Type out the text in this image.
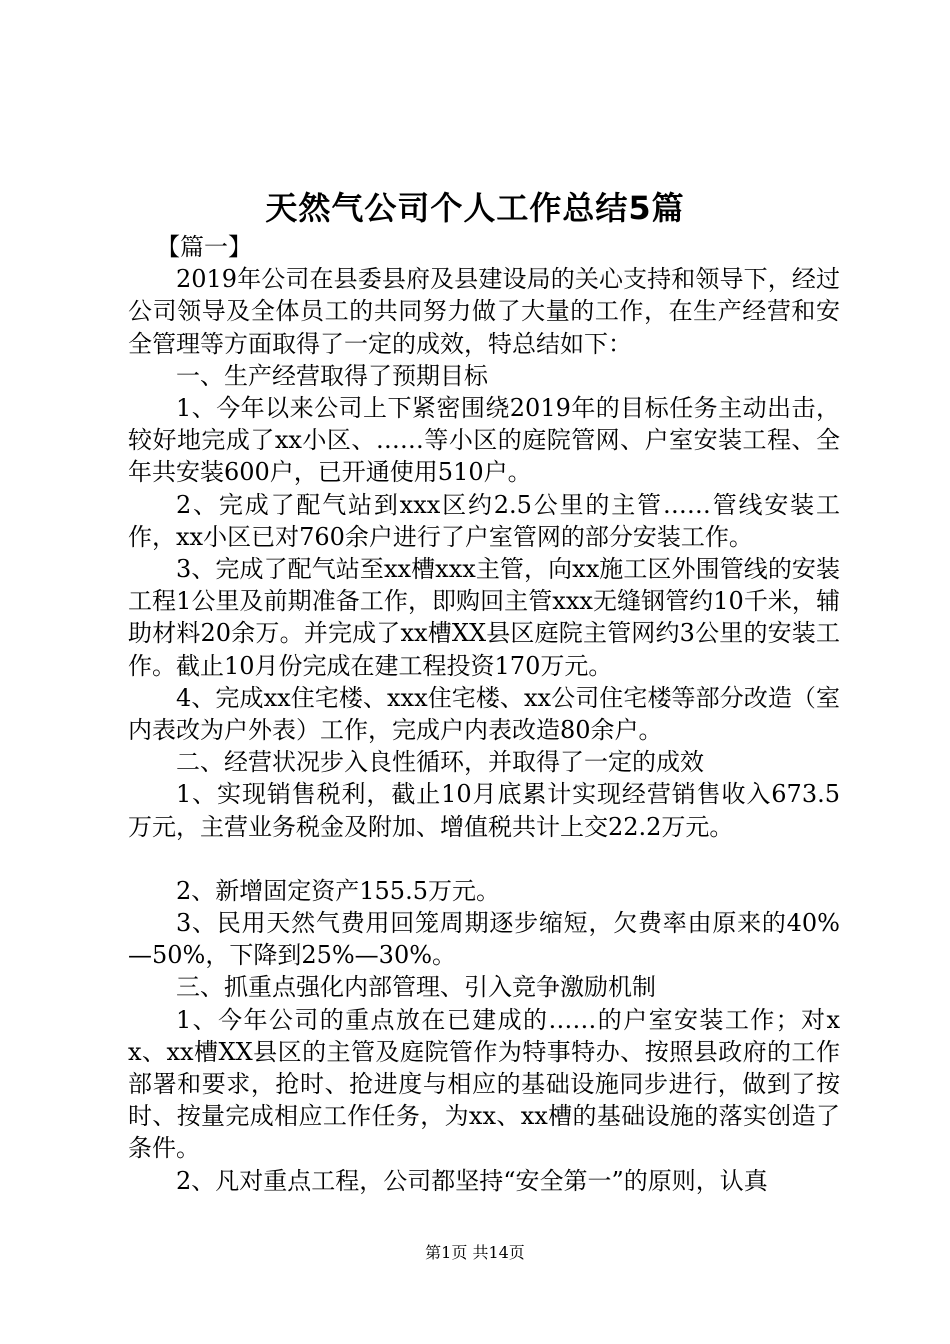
天然气公司个人工作总结5篇

【篇一】

2019年公司在县委县府及县建设局的关心支持和领导下，经过公司领导及全体员工的共同努力做了大量的工作，在生产经营和安全管理等方面取得了一定的成效，特总结如下：

一、生产经营取得了预期目标

1、今年以来公司上下紧密围绕2019年的目标任务主动出击，较好地完成了xx小区、……等小区的庭院管网、户室安装工程、全年共安装600户，已开通使用510户。

2、完成了配气站到xxx区约2.5公里的主管……管线安装工作，xx小区已对760余户进行了户室管网的部分安装工作。

3、完成了配气站至xx槽xxx主管，向xx施工区外围管线的安装工程1公里及前期准备工作，即购回主管xxx无缝钢管约10千米，辅助材料20余万。并完成了xx槽XX县区庭院主管网约3公里的安装工作。截止10月份完成在建工程投资170万元。

4、完成xx住宅楼、xxx住宅楼、xx公司住宅楼等部分改造（室内表改为户外表）工作，完成户内表改造80余户。

二、经营状况步入良性循环，并取得了一定的成效

1、实现销售税利，截止10月底累计实现经营销售收入673.5万元，主营业务税金及附加、增值税共计上交22.2万元。

2、新增固定资产155.5万元。

3、民用天然气费用回笼周期逐步缩短，欠费率由原来的40%—50%，下降到25%—30%。

三、抓重点强化内部管理、引入竞争激励机制

1、今年公司的重点放在已建成的……的户室安装工作；对xx、xx槽XX县区的主管及庭院管作为特事特办、按照县政府的工作部署和要求，抢时、抢进度与相应的基础设施同步进行，做到了按时、按量完成相应工作任务，为xx、xx槽的基础设施的落实创造了条件。

2、凡对重点工程，公司都坚持“安全第一”的原则，认真

第1页 共14页
